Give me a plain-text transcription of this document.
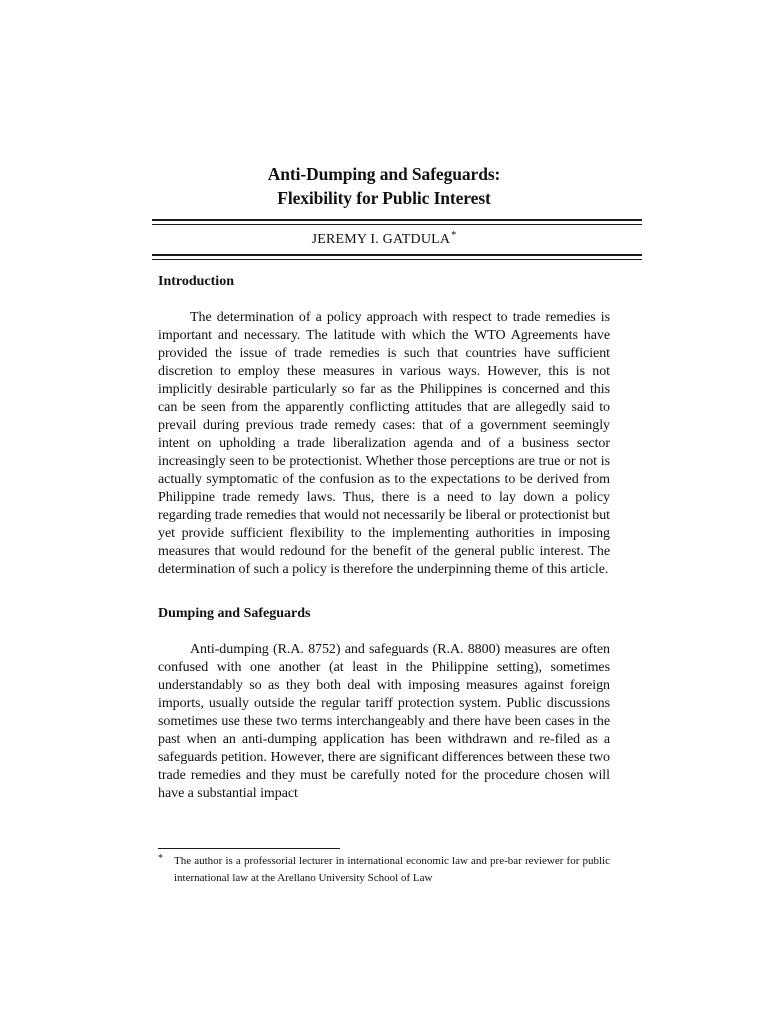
Anti-Dumping and Safeguards:
Flexibility for Public Interest
JEREMY I. GATDULA*
Introduction

The determination of a policy approach with respect to trade remedies is important and necessary. The latitude with which the WTO Agreements have provided the issue of trade remedies is such that countries have sufficient discretion to employ these measures in various ways. However, this is not implicitly desirable particularly so far as the Philippines is concerned and this can be seen from the apparently conflicting attitudes that are allegedly said to prevail during previous trade remedy cases: that of a government seemingly intent on upholding a trade liberalization agenda and of a business sector increasingly seen to be protectionist. Whether those perceptions are true or not is actually symptomatic of the confusion as to the expectations to be derived from Philippine trade remedy laws. Thus, there is a need to lay down a policy regarding trade remedies that would not necessarily be liberal or protectionist but yet provide sufficient flexibility to the implementing authorities in imposing measures that would redound for the benefit of the general public interest. The determination of such a policy is therefore the underpinning theme of this article.

Dumping and Safeguards

Anti-dumping (R.A. 8752) and safeguards (R.A. 8800) measures are often confused with one another (at least in the Philippine setting), sometimes understandably so as they both deal with imposing measures against foreign imports, usually outside the regular tariff protection system. Public discussions sometimes use these two terms interchangeably and there have been cases in the past when an anti-dumping application has been withdrawn and re-filed as a safeguards petition. However, there are significant differences between these two trade remedies and they must be carefully noted for the procedure chosen will have a substantial impact

* The author is a professorial lecturer in international economic law and pre-bar reviewer for public international law at the Arellano University School of Law
